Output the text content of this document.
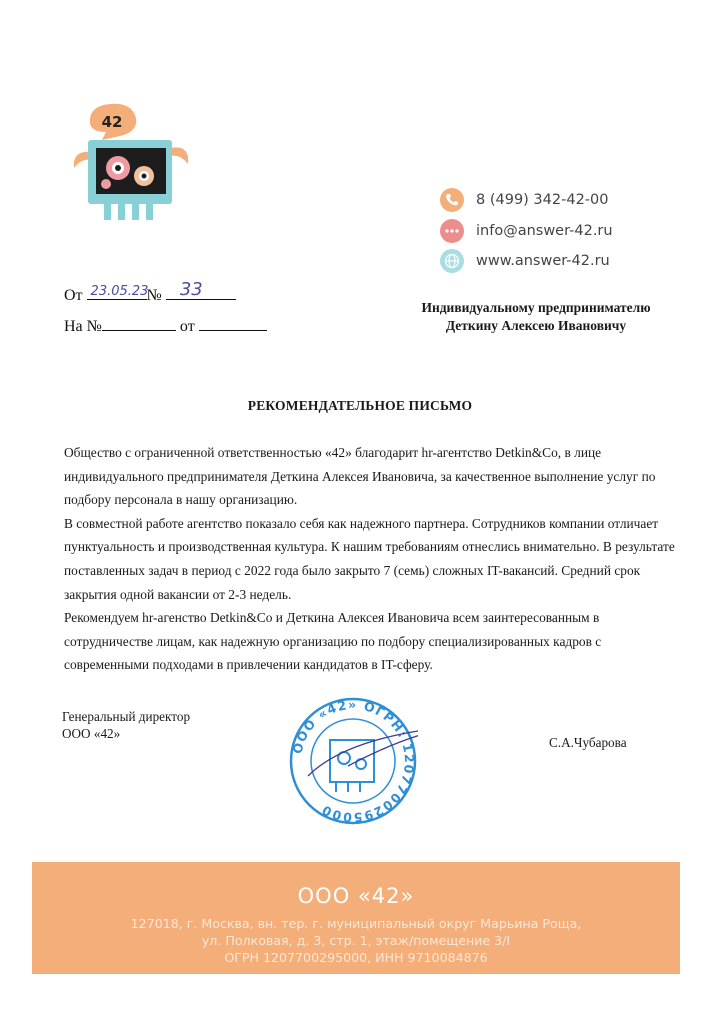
42
8 (499) 342-42-00
info@answer-42.ru
www.answer-42.ru
От 23.05.23
№ 33
На №	от
Индивидуальному предпринимателю
Деткину Алексею Ивановичу
РЕКОМЕНДАТЕЛЬНОЕ ПИСЬМО

Общество с ограниченной ответственностью «42» благодарит hr-агентство Detkin&Co, в лице индивидуального предпринимателя Деткина Алексея Ивановича, за качественное выполнение услуг по подбору персонала в нашу организацию.

В совместной работе агентство показало себя как надежного партнера. Сотрудников компании отличает пунктуальность и производственная культура. К нашим требованиям отнеслись внимательно. В результате поставленных задач в период с 2022 года было закрыто 7 (семь) сложных IT-вакансий. Средний срок закрытия одной вакансии от 2-3 недель.

Рекомендуем hr-агенство Detkin&Co и Деткина Алексея Ивановича всем заинтересованным в сотрудничестве лицам, как надежную организацию по подбору специализированных кадров с современными подходами в привлечении кандидатов в IT-сферу.

Генеральный директор
ООО «42»
С.А.Чубарова
ООО «42» ОГРН: 1207700295000
ООО «42»
127018, г. Москва, вн. тер. г. муниципальный округ Марьина Роща,
ул. Полковая, д. 3, стр. 1, этаж/помещение 3/I
ОГРН 1207700295000, ИНН 9710084876
